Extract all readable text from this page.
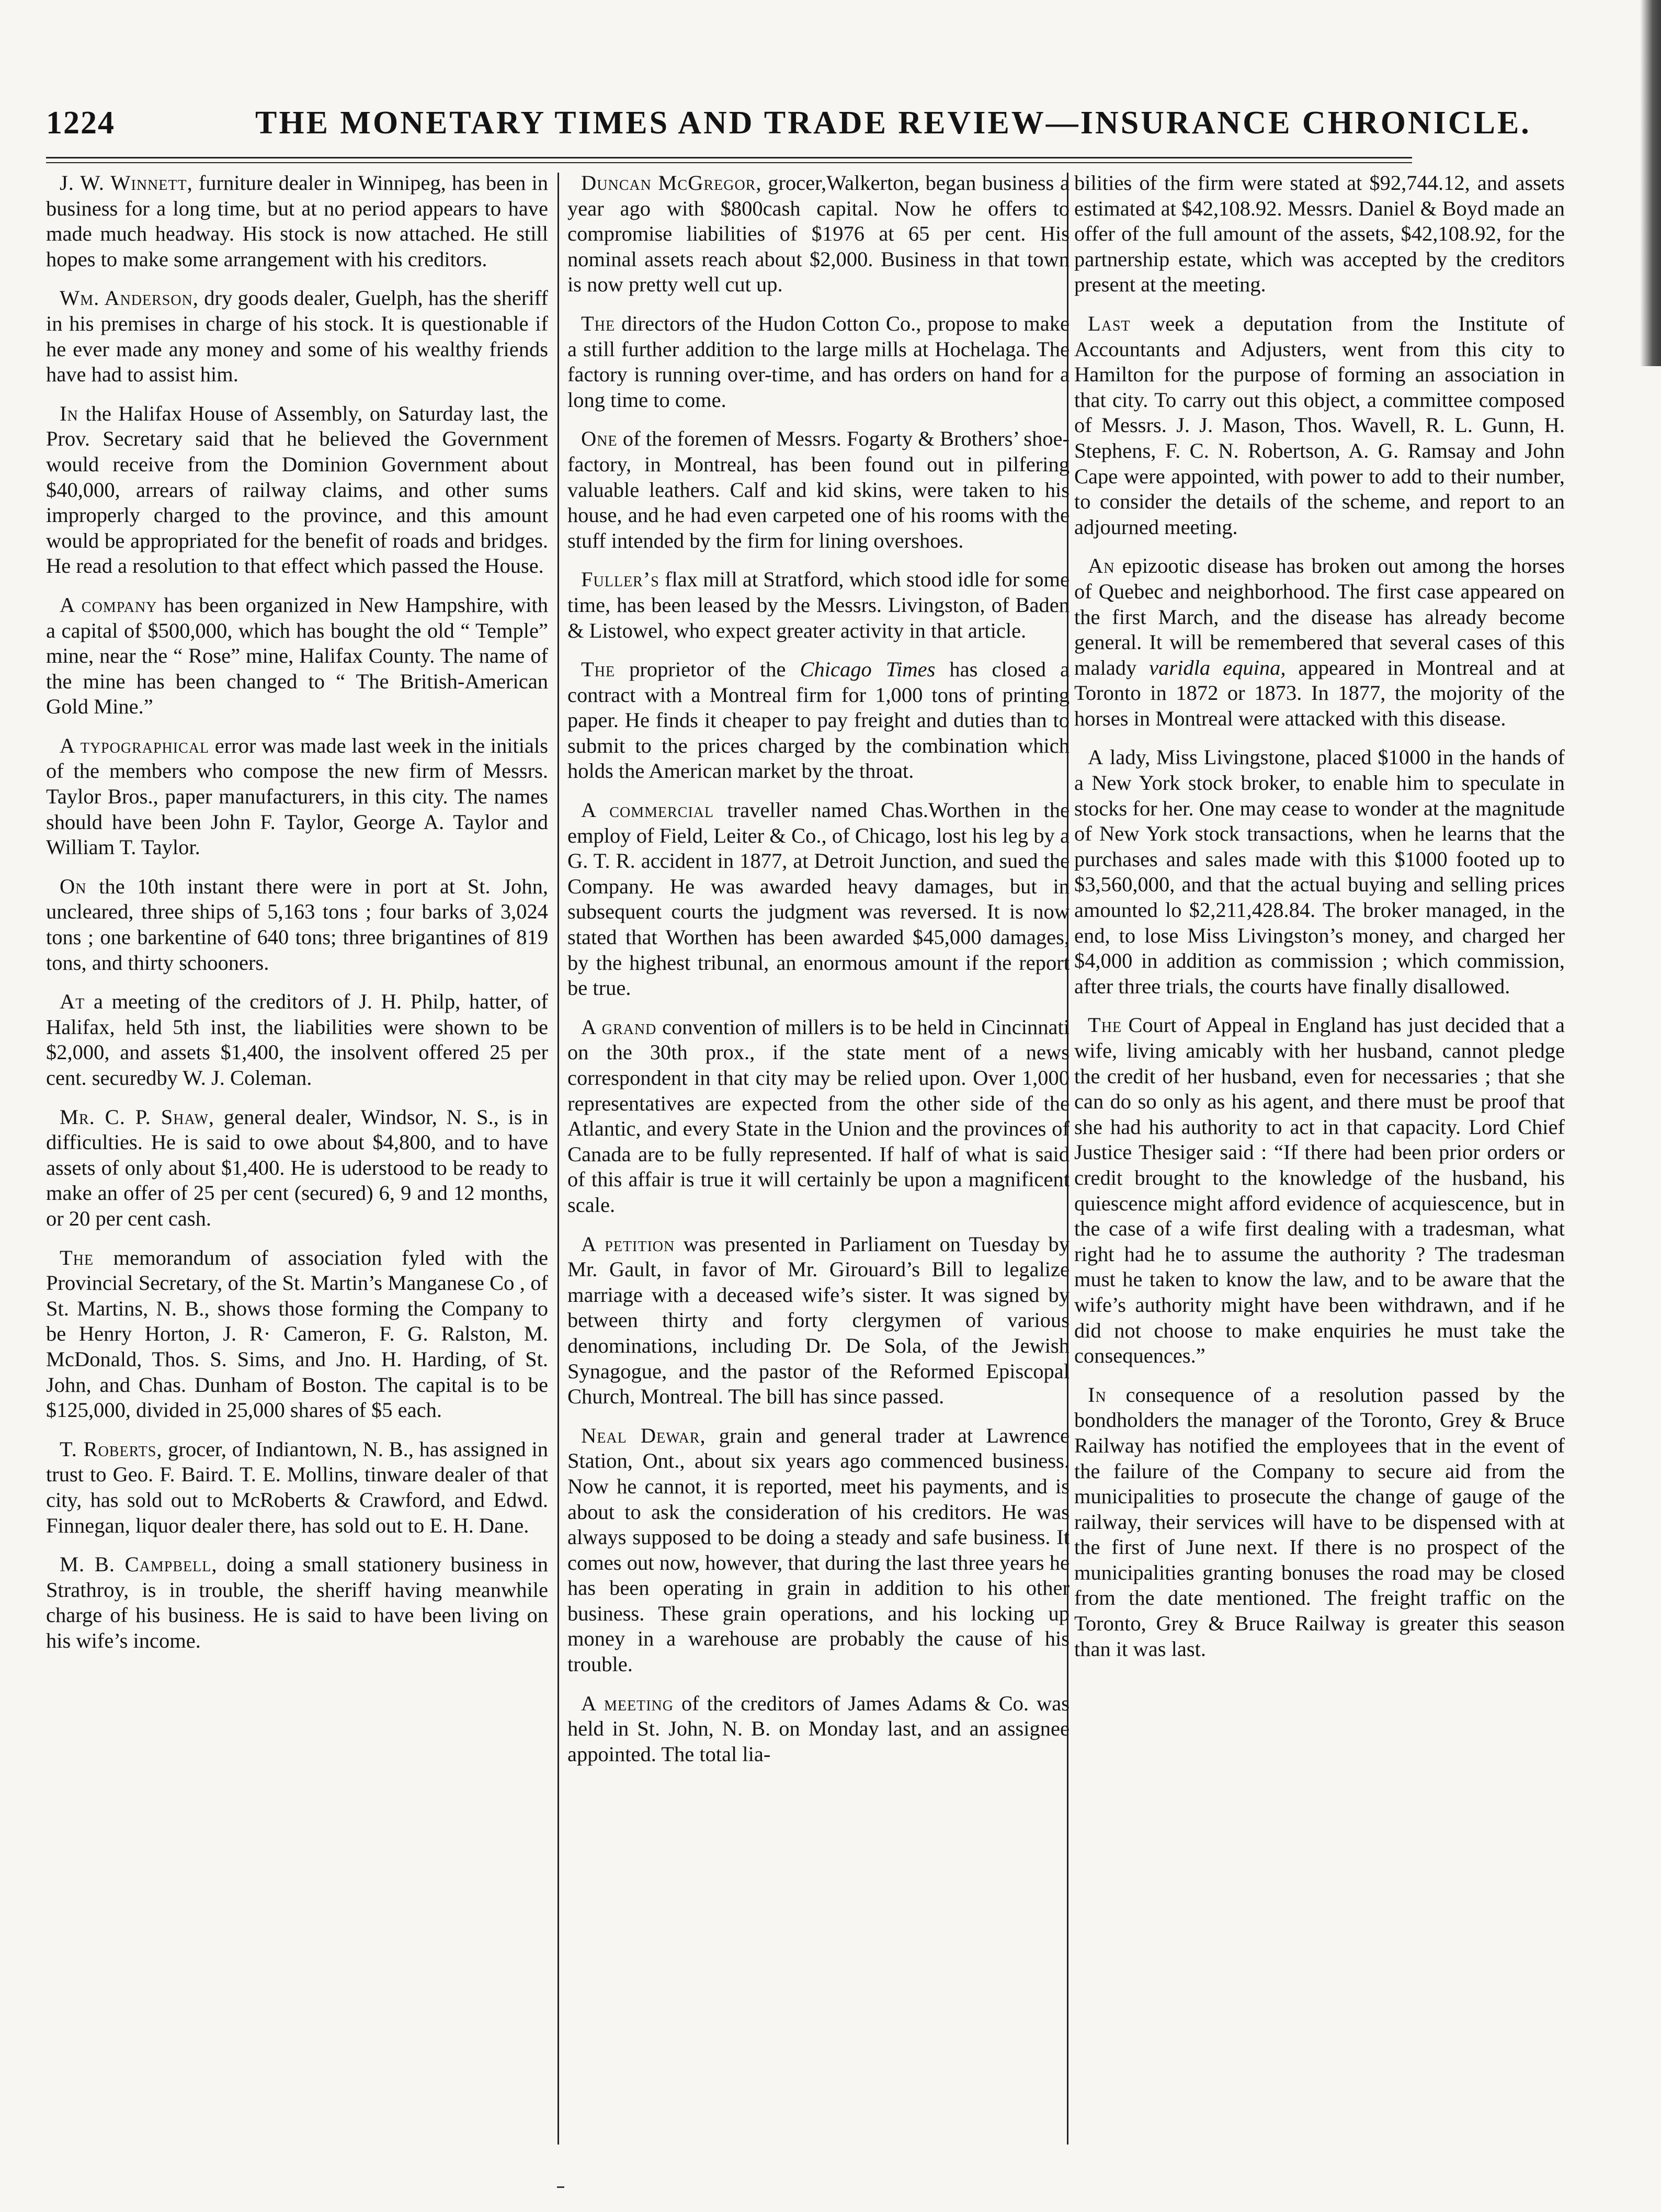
1224	THE MONETARY TIMES AND TRADE REVIEW—INSURANCE CHRONICLE.
J. W. Winnett, furniture dealer in Winnipeg, has been in business for a long time, but at no period appears to have made much headway. His stock is now attached. He still hopes to make some arrangement with his creditors.
Wm. Anderson, dry goods dealer, Guelph, has the sheriff in his premises in charge of his stock. It is questionable if he ever made any money and some of his wealthy friends have had to assist him.
In the Halifax House of Assembly, on Saturday last, the Prov. Secretary said that he believed the Government would receive from the Dominion Government about $40,000, arrears of railway claims, and other sums improperly charged to the province, and this amount would be appropriated for the benefit of roads and bridges. He read a resolution to that effect which passed the House.
A company has been organized in New Hampshire, with a capital of $500,000, which has bought the old “ Temple” mine, near the “ Rose” mine, Halifax County. The name of the mine has been changed to “ The British-American Gold Mine.”
A typographical error was made last week in the initials of the members who compose the new firm of Messrs. Taylor Bros., paper manufacturers, in this city. The names should have been John F. Taylor, George A. Taylor and William T. Taylor.
On the 10th instant there were in port at St. John, uncleared, three ships of 5,163 tons ; four barks of 3,024 tons ; one barkentine of 640 tons; three brigantines of 819 tons, and thirty schooners.
At a meeting of the creditors of J. H. Philp, hatter, of Halifax, held 5th inst, the liabilities were shown to be $2,000, and assets $1,400, the insolvent offered 25 per cent. securedby W. J. Coleman.
Mr. C. P. Shaw, general dealer, Windsor, N. S., is in difficulties. He is said to owe about $4,800, and to have assets of only about $1,400. He is uderstood to be ready to make an offer of 25 per cent (secured) 6, 9 and 12 months, or 20 per cent cash.
The memorandum of association fyled with the Provincial Secretary, of the St. Martin’s Manganese Co , of St. Martins, N. B., shows those forming the Company to be Henry Horton, J. R· Cameron, F. G. Ralston, M. McDonald, Thos. S. Sims, and Jno. H. Harding, of St. John, and Chas. Dunham of Boston. The capital is to be $125,000, divided in 25,000 shares of $5 each.
T. Roberts, grocer, of Indiantown, N. B., has assigned in trust to Geo. F. Baird. T. E. Mollins, tinware dealer of that city, has sold out to McRoberts & Crawford, and Edwd. Finnegan, liquor dealer there, has sold out to E. H. Dane.
M. B. Campbell, doing a small stationery business in Strathroy, is in trouble, the sheriff having meanwhile charge of his business. He is said to have been living on his wife’s income.
Duncan McGregor, grocer,Walkerton, began business a year ago with $800cash capital. Now he offers to compromise liabilities of $1976 at 65 per cent. His nominal assets reach about $2,000. Business in that town is now pretty well cut up.
The directors of the Hudon Cotton Co., propose to make a still further addition to the large mills at Hochelaga. The factory is running over-time, and has orders on hand for a long time to come.
One of the foremen of Messrs. Fogarty & Brothers’ shoe-factory, in Montreal, has been found out in pilfering valuable leathers. Calf and kid skins, were taken to his house, and he had even carpeted one of his rooms with the stuff intended by the firm for lining overshoes.
Fuller’s flax mill at Stratford, which stood idle for some time, has been leased by the Messrs. Livingston, of Baden & Listowel, who expect greater activity in that article.
The proprietor of the Chicago Times has closed a contract with a Montreal firm for 1,000 tons of printing paper. He finds it cheaper to pay freight and duties than to submit to the prices charged by the combination which holds the American market by the throat.
A commercial traveller named Chas.Worthen in the employ of Field, Leiter & Co., of Chicago, lost his leg by a G. T. R. accident in 1877, at Detroit Junction, and sued the Company. He was awarded heavy damages, but in subsequent courts the judgment was reversed. It is now stated that Worthen has been awarded $45,000 damages, by the highest tribunal, an enormous amount if the report be true.
A grand convention of millers is to be held in Cincinnati on the 30th prox., if the state ment of a news correspondent in that city may be relied upon. Over 1,000 representatives are expected from the other side of the Atlantic, and every State in the Union and the provinces of Canada are to be fully represented. If half of what is said of this affair is true it will certainly be upon a magnificent scale.
A petition was presented in Parliament on Tuesday by Mr. Gault, in favor of Mr. Girouard’s Bill to legalize marriage with a deceased wife’s sister. It was signed by between thirty and forty clergymen of various denominations, including Dr. De Sola, of the Jewish Synagogue, and the pastor of the Reformed Episcopal Church, Montreal. The bill has since passed.
Neal Dewar, grain and general trader at Lawrence Station, Ont., about six years ago commenced business. Now he cannot, it is reported, meet his payments, and is about to ask the consideration of his creditors. He was always supposed to be doing a steady and safe business. It comes out now, however, that during the last three years he has been operating in grain in addition to his other business. These grain operations, and his locking up money in a warehouse are probably the cause of his trouble.
A meeting of the creditors of James Adams & Co. was held in St. John, N. B. on Monday last, and an assignee appointed. The total lia-
bilities of the firm were stated at $92,744.12, and assets estimated at $42,108.92. Messrs. Daniel & Boyd made an offer of the full amount of the assets, $42,108.92, for the partnership estate, which was accepted by the creditors present at the meeting.
Last week a deputation from the Institute of Accountants and Adjusters, went from this city to Hamilton for the purpose of forming an association in that city. To carry out this object, a committee composed of Messrs. J. J. Mason, Thos. Wavell, R. L. Gunn, H. Stephens, F. C. N. Robertson, A. G. Ramsay and John Cape were appointed, with power to add to their number, to consider the details of the scheme, and report to an adjourned meeting.
An epizootic disease has broken out among the horses of Quebec and neighborhood. The first case appeared on the first March, and the disease has already become general. It will be remembered that several cases of this malady varidla equina, appeared in Montreal and at Toronto in 1872 or 1873. In 1877, the mojority of the horses in Montreal were attacked with this disease.
A lady, Miss Livingstone, placed $1000 in the hands of a New York stock broker, to enable him to speculate in stocks for her. One may cease to wonder at the magnitude of New York stock transactions, when he learns that the purchases and sales made with this $1000 footed up to $3,560,000, and that the actual buying and selling prices amounted lo $2,211,428.84. The broker managed, in the end, to lose Miss Livingston’s money, and charged her $4,000 in addition as commission ; which commission, after three trials, the courts have finally disallowed.
The Court of Appeal in England has just decided that a wife, living amicably with her husband, cannot pledge the credit of her husband, even for necessaries ; that she can do so only as his agent, and there must be proof that she had his authority to act in that capacity. Lord Chief Justice Thesiger said : “If there had been prior orders or credit brought to the knowledge of the husband, his quiescence might afford evidence of acquiescence, but in the case of a wife first dealing with a tradesman, what right had he to assume the authority ? The tradesman must he taken to know the law, and to be aware that the wife’s authority might have been withdrawn, and if he did not choose to make enquiries he must take the consequences.”
In consequence of a resolution passed by the bondholders the manager of the Toronto, Grey & Bruce Railway has notified the employees that in the event of the failure of the Company to secure aid from the municipalities to prosecute the change of gauge of the railway, their services will have to be dispensed with at the first of June next. If there is no prospect of the municipalities granting bonuses the road may be closed from the date mentioned. The freight traffic on the Toronto, Grey & Bruce Railway is greater this season than it was last.
